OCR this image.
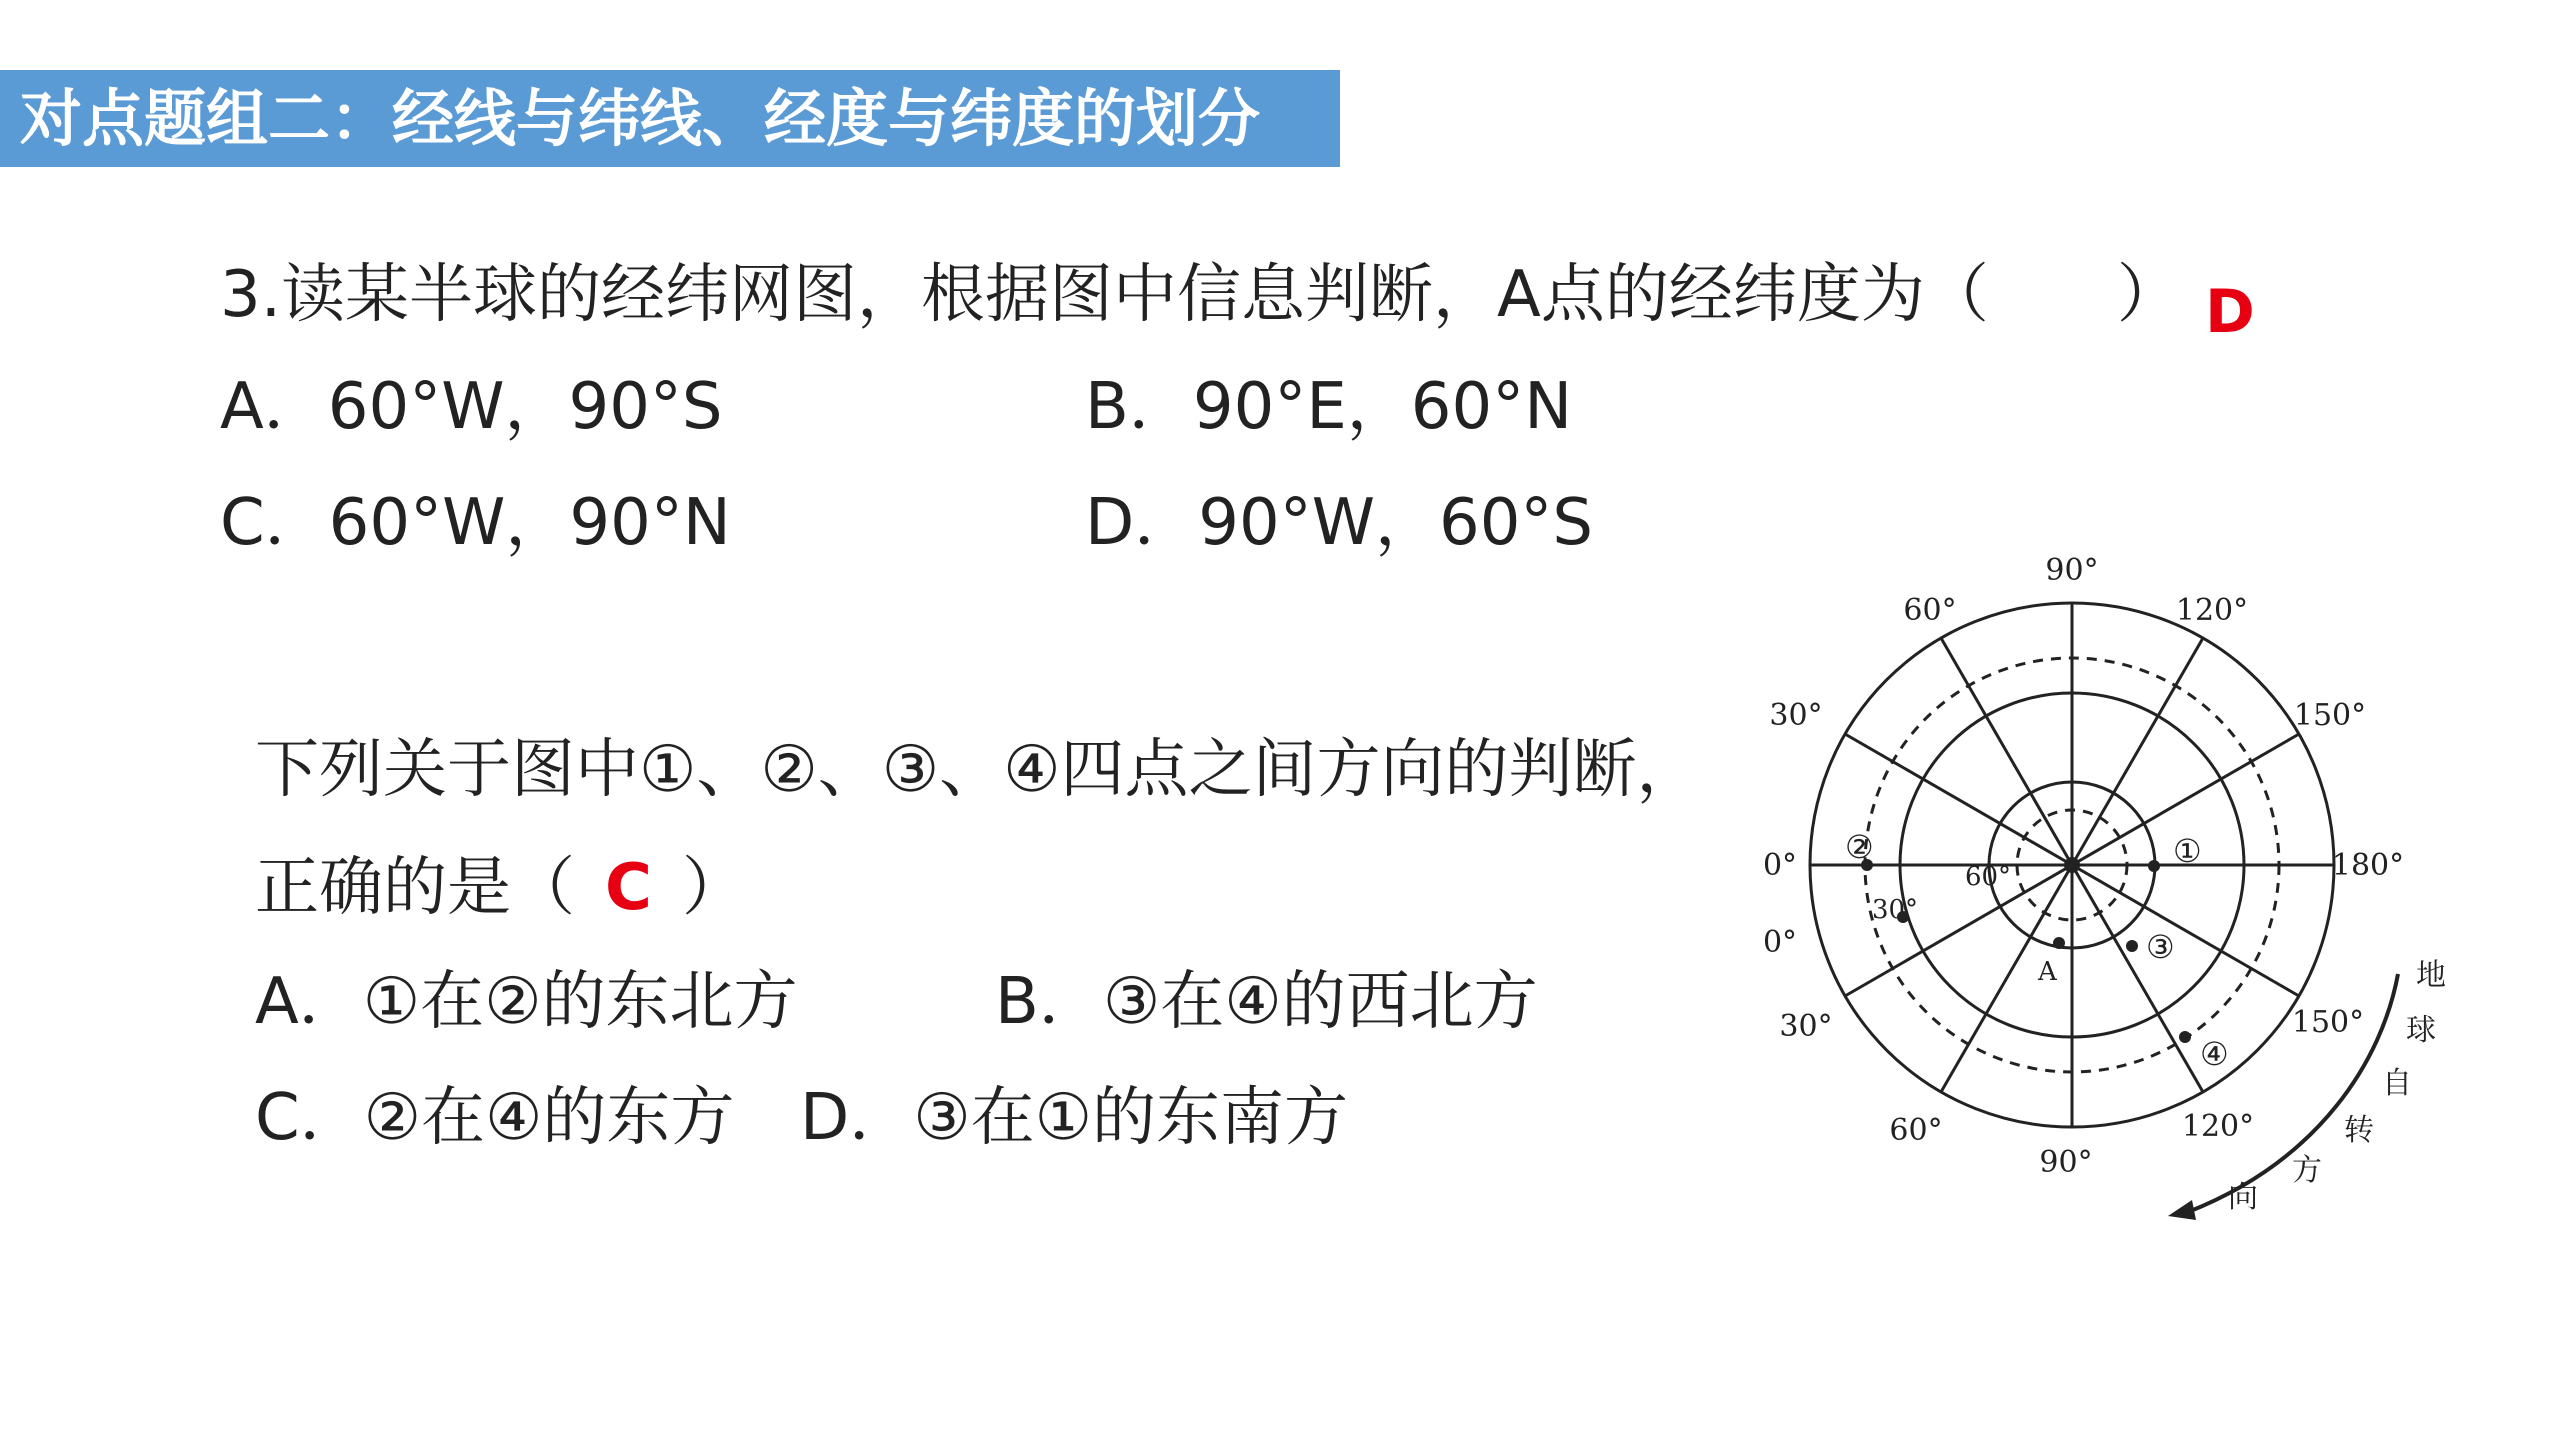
对点题组二：经线与纬线、经度与纬度的划分
3.读某半球的经纬网图，根据图中信息判断，A点的经纬度为（　　） D
A．60°W，90°S	B．90°E，60°N
C．60°W，90°N	D．90°W，60°S
下列关于图中①、②、③、④四点之间方向的判断，
正确的是（ C ）
A．①在②的东北方	B．③在④的西北方
C．②在④的东方 D．③在①的东南方
90°
60°	120°
30°	150°
0°	180°
0°
30°	150°
60°	120°
90°
30°
60°
①
②
③
④
A	地
球
自
转
方
向
